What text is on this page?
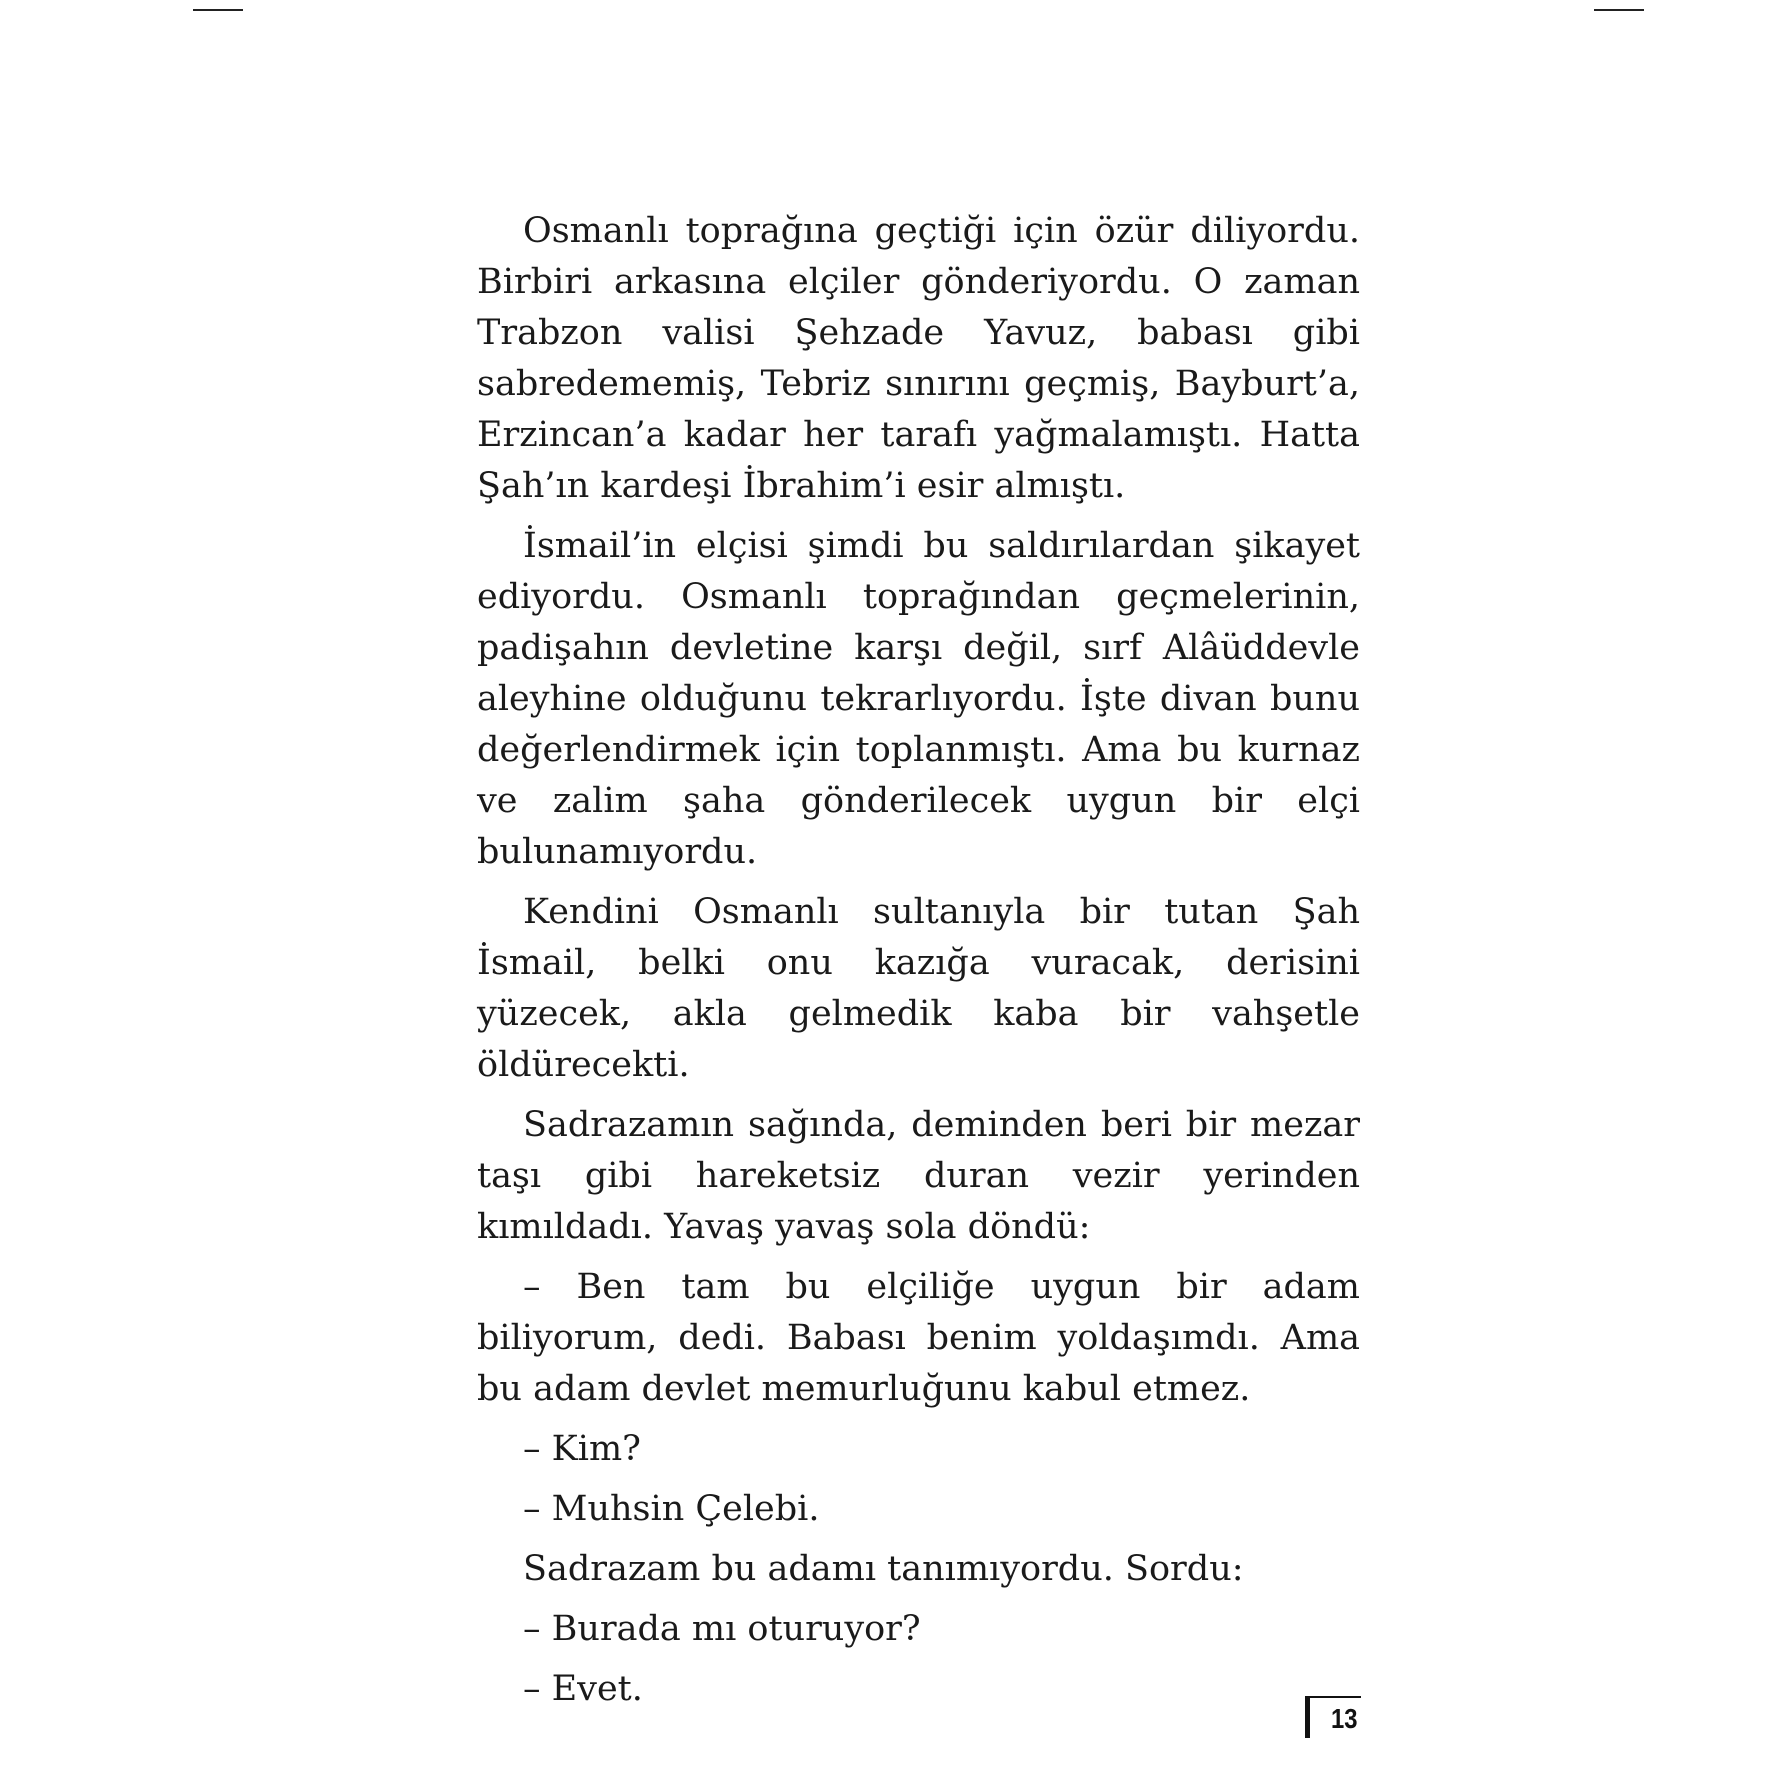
Osmanlı toprağına geçtiği için özür diliyordu. Birbiri arkasına elçiler gönderiyordu. O zaman Trabzon valisi Şehzade Yavuz, babası gibi sabredememiş, Tebriz sınırını geçmiş, Bayburt’a, Erzincan’a kadar her tarafı yağmalamıştı. Hatta Şah’ın kardeşi İbrahim’i esir almıştı.

İsmail’in elçisi şimdi bu saldırılardan şikayet ediyordu. Osmanlı toprağından geçmelerinin, padişahın devletine karşı değil, sırf Alâüddevle aleyhine olduğunu tekrarlıyordu. İşte divan bunu değerlendirmek için toplanmıştı. Ama bu kurnaz ve zalim şaha gönderilecek uygun bir elçi bulunamıyordu.

Kendini Osmanlı sultanıyla bir tutan Şah İsmail, belki onu kazığa vuracak, derisini yüzecek, akla gelmedik kaba bir vahşetle öldürecekti.

Sadrazamın sağında, deminden beri bir mezar taşı gibi hareketsiz duran vezir yerinden kımıldadı. Yavaş yavaş sola döndü:

– Ben tam bu elçiliğe uygun bir adam biliyorum, dedi. Babası benim yoldaşımdı. Ama bu adam devlet memurluğunu kabul etmez.

– Kim?

– Muhsin Çelebi.

Sadrazam bu adamı tanımıyordu. Sordu:

– Burada mı oturuyor?

– Evet.

13
